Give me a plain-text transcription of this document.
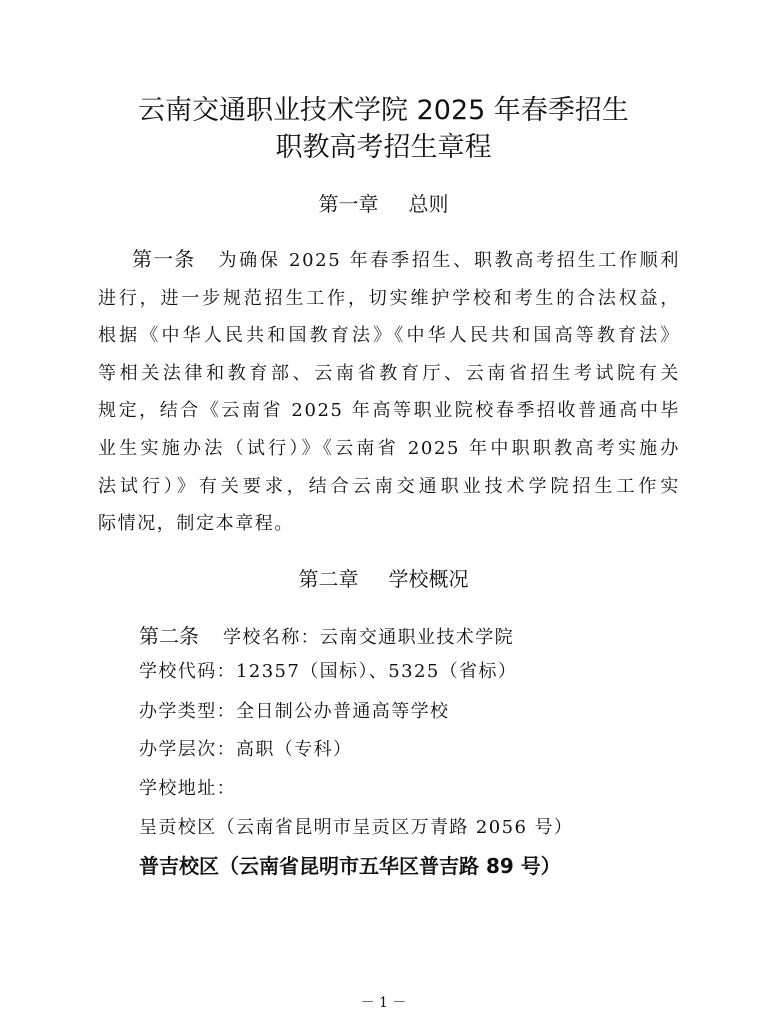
云南交通职业技术学院 2025 年春季招生
职教高考招生章程
第一章 总则
第一条 为确保 2025 年春季招生、职教高考招生工作顺利
进行，进一步规范招生工作，切实维护学校和考生的合法权益，
根据《中华人民共和国教育法》《中华人民共和国高等教育法》
等相关法律和教育部、云南省教育厅、云南省招生考试院有关
规定，结合《云南省 2025 年高等职业院校春季招收普通高中毕
业生实施办法（试行）》《云南省 2025 年中职职教高考实施办
法试行）》有关要求，结合云南交通职业技术学院招生工作实
际情况，制定本章程。
第二章 学校概况
第二条 学校名称：云南交通职业技术学院
学校代码：12357（国标）、5325（省标）
办学类型：全日制公办普通高等学校
办学层次：高职（专科）
学校地址：
呈贡校区（云南省昆明市呈贡区万青路 2056 号）
普吉校区（云南省昆明市五华区普吉路 89 号）
－ 1 －
